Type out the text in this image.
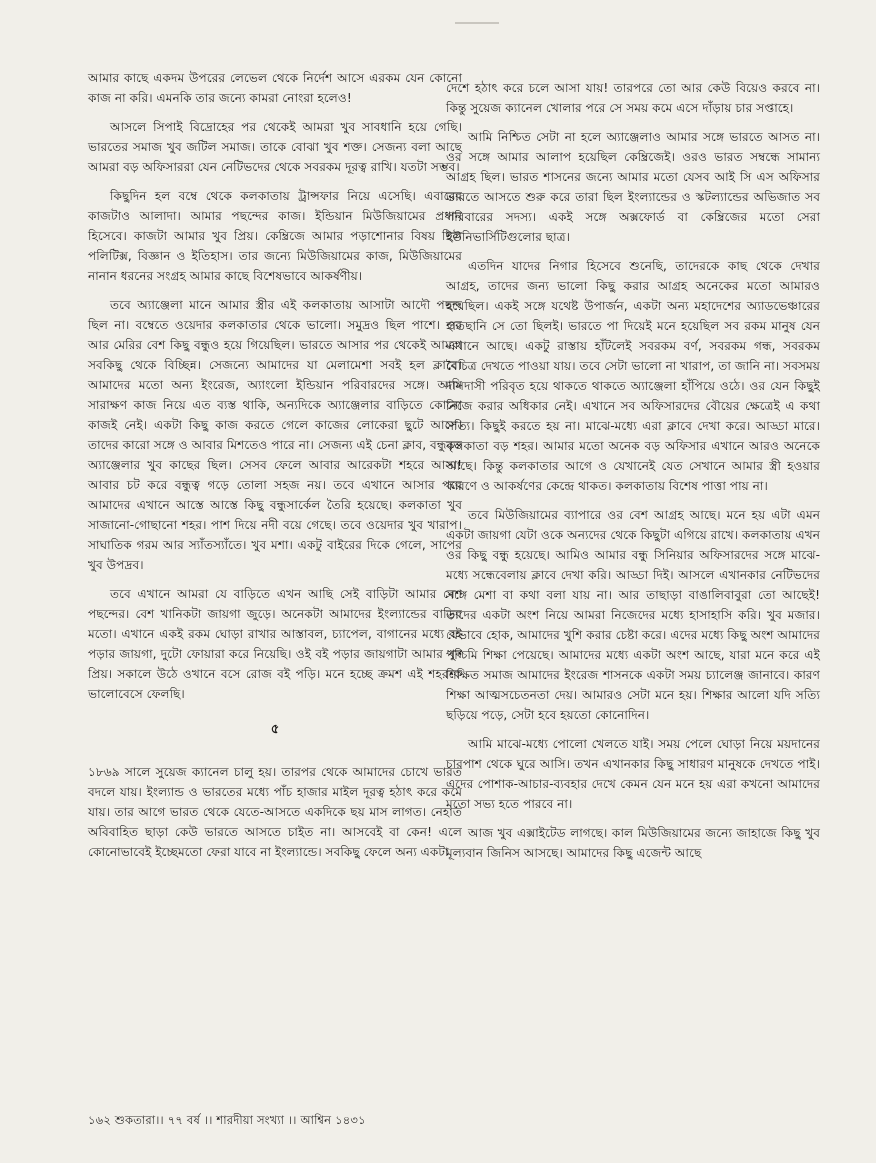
আমার কাছে একদম উপরের লেভেল থেকে নির্দেশ আসে এরকম যেন কোনো কাজ না করি। এমনকি তার জন্যে কামরা নোংরা হলেও!

আসলে সিপাই বিদ্রোহের পর থেকেই আমরা খুব সাবধানি হয়ে গেছি। ভারতের সমাজ খুব জটিল সমাজ। তাকে বোঝা খুব শক্ত। সেজন্য বলা আছে আমরা বড় অফিসাররা যেন নেটিভদের থেকে সবরকম দূরত্ব রাখি। যতটা সম্ভব।

কিছুদিন হল বম্বে থেকে কলকাতায় ট্রান্সফার নিয়ে এসেছি। এবারের কাজটাও আলাদা। আমার পছন্দের কাজ। ইন্ডিয়ান মিউজিয়ামের প্রধান হিসেবে। কাজটা আমার খুব প্রিয়। কেম্ব্রিজে আমার পড়াশোনার বিষয় ছিল পলিটিক্স, বিজ্ঞান ও ইতিহাস। তার জন্যে মিউজিয়ামের কাজ, মিউজিয়ামের নানান ধরনের সংগ্রহ আমার কাছে বিশেষভাবে আকর্ষণীয়।

তবে অ্যাঞ্জেলা মানে আমার স্ত্রীর এই কলকাতায় আসাটা আদৌ পছন্দ ছিল না। বম্বেতে ওয়েদার কলকাতার থেকে ভালো। সমুদ্রও ছিল পাশে। ওর আর মেরির বেশ কিছু বন্ধুও হয়ে গিয়েছিল। ভারতে আসার পর থেকেই আমরা সবকিছু থেকে বিচ্ছিন্ন। সেজন্যে আমাদের যা মেলামেশা সবই হল ক্লাবে। আমাদের মতো অন্য ইংরেজ, অ্যাংলো ইন্ডিয়ান পরিবারদের সঙ্গে। আমি সারাক্ষণ কাজ নিয়ে এত ব্যস্ত থাকি, অন্যদিকে অ্যাঞ্জেলার বাড়িতে কোনো কাজই নেই। একটা কিছু কাজ করতে গেলে কাজের লোকেরা ছুটে আসে। তাদের কারো সঙ্গে ও আবার মিশতেও পারে না। সেজন্য এই চেনা ক্লাব, বন্ধুবৃত্ত অ্যাঞ্জেলার খুব কাছের ছিল। সেসব ফেলে আবার আরেকটা শহরে আসা! আবার চট করে বন্ধুত্ব গড়ে তোলা সহজ নয়। তবে এখানে আসার পরে আমাদের এখানে আস্তে আস্তে কিছু বন্ধুসার্কেল তৈরি হয়েছে। কলকাতা খুব সাজানো-গোছানো শহর। পাশ দিয়ে নদী বয়ে গেছে। তবে ওয়েদার খুব খারাপ। সাঘাতিক গরম আর স্যাঁতস্যাঁতে। খুব মশা। একটু বাইরের দিকে গেলে, সাপের খুব উপদ্রব।

তবে এখানে আমরা যে বাড়িতে এখন আছি সেই বাড়িটা আমার বেশ পছন্দের। বেশ খানিকটা জায়গা জুড়ে। অনেকটা আমাদের ইংল্যান্ডের বাড়ির মতো। এখানে একই রকম ঘোড়া রাখার আস্তাবল, চ্যাপেল, বাগানের মধ্যে বই পড়ার জায়গা, দুটো ফোয়ারা করে নিয়েছি। ওই বই পড়ার জায়গাটা আমার খুব প্রিয়। সকালে উঠে ওখানে বসে রোজ বই পড়ি। মনে হচ্ছে ক্রমশ এই শহরকে ভালোবেসে ফেলছি।

৫

১৮৬৯ সালে সুয়েজ ক্যানেল চালু হয়। তারপর থেকে আমাদের চোখে ভারত বদলে যায়। ইংল্যান্ড ও ভারতের মধ্যে পাঁচ হাজার মাইল দূরত্ব হঠাৎ করে কমে যায়। তার আগে ভারত থেকে যেতে-আসতে একদিকে ছয় মাস লাগত। নেহাত অবিবাহিত ছাড়া কেউ ভারতে আসতে চাইত না। আসবেই বা কেন! এলে কোনোভাবেই ইচ্ছেমতো ফেরা যাবে না ইংল্যান্ডে। সবকিছু ফেলে অন্য একটা

দেশে হঠাৎ করে চলে আসা যায়! তারপরে তো আর কেউ বিয়েও করবে না। কিন্তু সুয়েজ ক্যানেল খোলার পরে সে সময় কমে এসে দাঁড়ায় চার সপ্তাহে।

আমি নিশ্চিত সেটা না হলে অ্যাঞ্জেলাও আমার সঙ্গে ভারতে আসত না। ওর সঙ্গে আমার আলাপ হয়েছিল কেম্ব্রিজেই। ওরও ভারত সম্বন্ধে সামান্য আগ্রহ ছিল। ভারত শাসনের জন্যে আমার মতো যেসব আই সি এস অফিসার ভারতে আসতে শুরু করে তারা ছিল ইংল্যান্ডের ও স্কটল্যান্ডের অভিজাত সব পরিবারের সদস্য। একই সঙ্গে অক্সফোর্ড বা কেম্ব্রিজের মতো সেরা ইউনিভার্সিটিগুলোর ছাত্র।

এতদিন যাদের নিগার হিসেবে শুনেছি, তাদেরকে কাছ থেকে দেখার আগ্রহ, তাদের জন্য ভালো কিছু করার আগ্রহ অনেকের মতো আমারও হয়েছিল। একই সঙ্গে যথেষ্ট উপার্জন, একটা অন্য মহাদেশের অ্যাডভেঞ্চারের হাতছানি সে তো ছিলই। ভারতে পা দিয়েই মনে হয়েছিল সব রকম মানুষ যেন এখানে আছে। একটু রাস্তায় হাঁটলেই সবরকম বর্ণ, সবরকম গন্ধ, সবরকম বৈচিত্র দেখতে পাওয়া যায়। তবে সেটা ভালো না খারাপ, তা জানি না। সবসময় দাসদাসী পরিবৃত হয়ে থাকতে থাকতে অ্যাঞ্জেলা হাঁপিয়ে ওঠে। ওর যেন কিছুই নিজে করার অধিকার নেই। এখানে সব অফিসারদের বৌয়ের ক্ষেত্রেই এ কথা সত্যি। কিছুই করতে হয় না। মাঝে-মধ্যে এরা ক্লাবে দেখা করে। আড্ডা মারে। কলকাতা বড় শহর। আমার মতো অনেক বড় অফিসার এখানে আরও অনেকে আছে। কিন্তু কলকাতার আগে ও যেখানেই যেত সেখানে আমার স্ত্রী হওয়ার কারণে ও আকর্ষণের কেন্দ্রে থাকত। কলকাতায় বিশেষ পাত্তা পায় না।

তবে মিউজিয়ামের ব্যাপারে ওর বেশ আগ্রহ আছে। মনে হয় এটা এমন একটা জায়গা যেটা ওকে অন্যদের থেকে কিছুটা এগিয়ে রাখে। কলকাতায় এখন ওর কিছু বন্ধু হয়েছে। আমিও আমার বন্ধু সিনিয়ার অফিসারদের সঙ্গে মাঝে-মধ্যে সন্ধেবেলায় ক্লাবে দেখা করি। আড্ডা দিই। আসলে এখানকার নেটিভদের সঙ্গে মেশা বা কথা বলা যায় না। আর তাছাড়া বাঙালিবাবুরা তো আছেই! তাদের একটা অংশ নিয়ে আমরা নিজেদের মধ্যে হাসাহাসি করি। খুব মজার। যেভাবে হোক, আমাদের খুশি করার চেষ্টা করে। এদের মধ্যে কিছু অংশ আমাদের পশ্চিমি শিক্ষা পেয়েছে। আমাদের মধ্যে একটা অংশ আছে, যারা মনে করে এই শিক্ষিত সমাজ আমাদের ইংরেজ শাসনকে একটা সময় চ্যালেঞ্জ জানাবে। কারণ শিক্ষা আত্মসচেতনতা দেয়। আমারও সেটা মনে হয়। শিক্ষার আলো যদি সত্যি ছড়িয়ে পড়ে, সেটা হবে হয়তো কোনোদিন।

আমি মাঝে-মধ্যে পোলো খেলতে যাই। সময় পেলে ঘোড়া নিয়ে ময়দানের চারপাশ থেকে ঘুরে আসি। তখন এখানকার কিছু সাধারণ মানুষকে দেখতে পাই। এদের পোশাক-আচার-ব্যবহার দেখে কেমন যেন মনে হয় এরা কখনো আমাদের মতো সভ্য হতে পারবে না।

আজ খুব এক্সাইটেড লাগছে। কাল মিউজিয়ামের জন্যে জাহাজে কিছু খুব মূল্যবান জিনিস আসছে। আমাদের কিছু এজেন্ট আছে

১৬২ শুকতারা।। ৭৭ বর্ষ ।। শারদীয়া সংখ্যা ।। আশ্বিন ১৪৩১
